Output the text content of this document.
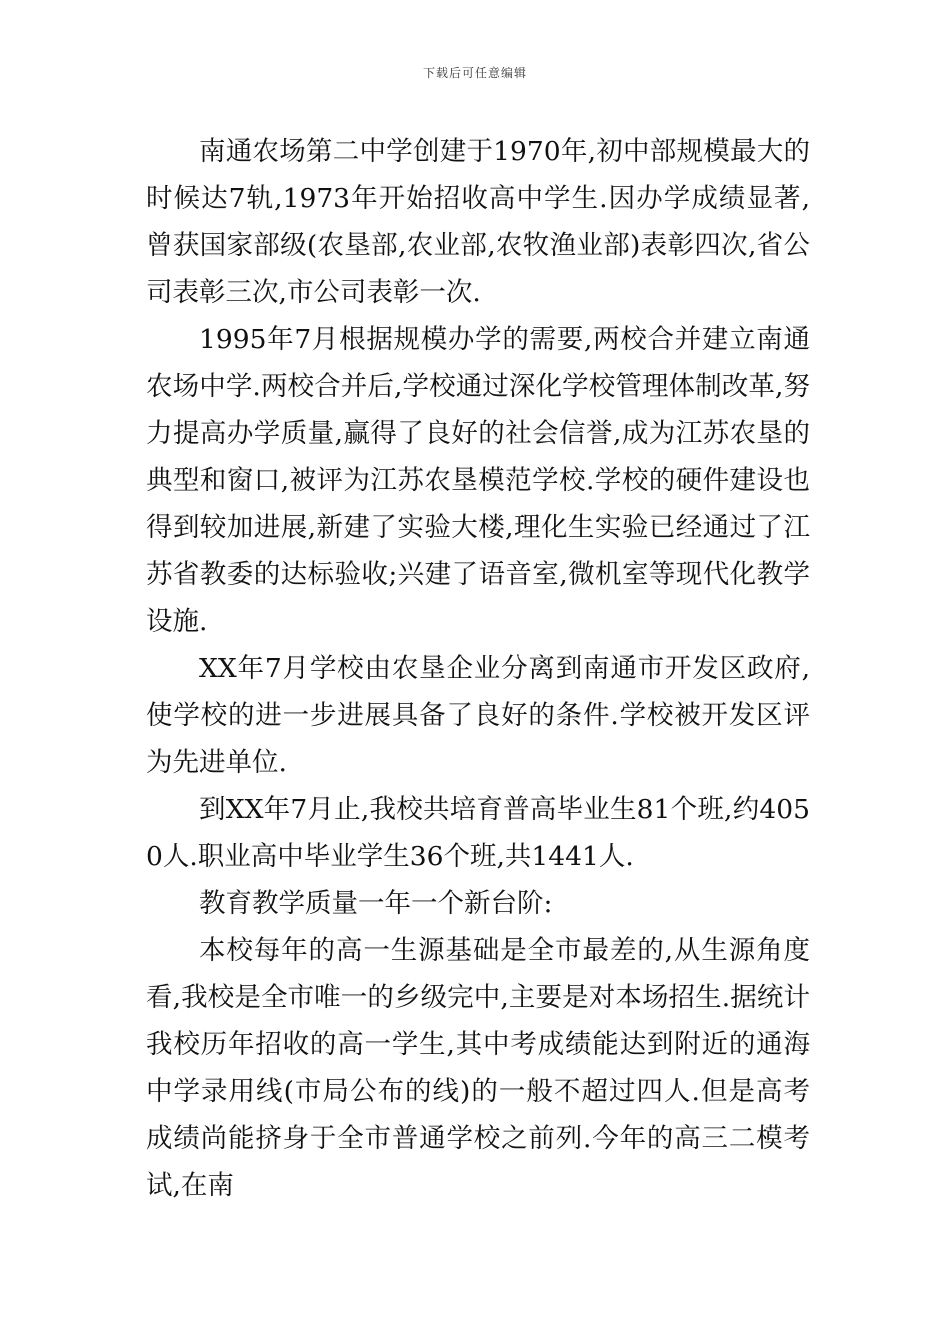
下载后可任意编辑

南通农场第二中学创建于1970年,初中部规模最大的时候达7轨,1973年开始招收高中学生.因办学成绩显著,曾获国家部级(农垦部,农业部,农牧渔业部)表彰四次,省公司表彰三次,市公司表彰一次.

1995年7月根据规模办学的需要,两校合并建立南通农场中学.两校合并后,学校通过深化学校管理体制改革,努力提高办学质量,赢得了良好的社会信誉,成为江苏农垦的典型和窗口,被评为江苏农垦模范学校.学校的硬件建设也得到较加进展,新建了实验大楼,理化生实验已经通过了江苏省教委的达标验收;兴建了语音室,微机室等现代化教学设施.

XX年7月学校由农垦企业分离到南通市开发区政府,使学校的进一步进展具备了良好的条件.学校被开发区评为先进单位.

到XX年7月止,我校共培育普高毕业生81个班,约4050人.职业高中毕业学生36个班,共1441人.

教育教学质量一年一个新台阶:

本校每年的高一生源基础是全市最差的,从生源角度看,我校是全市唯一的乡级完中,主要是对本场招生.据统计我校历年招收的高一学生,其中考成绩能达到附近的通海中学录用线(市局公布的线)的一般不超过四人.但是高考成绩尚能挤身于全市普通学校之前列.今年的高三二模考试,在南
